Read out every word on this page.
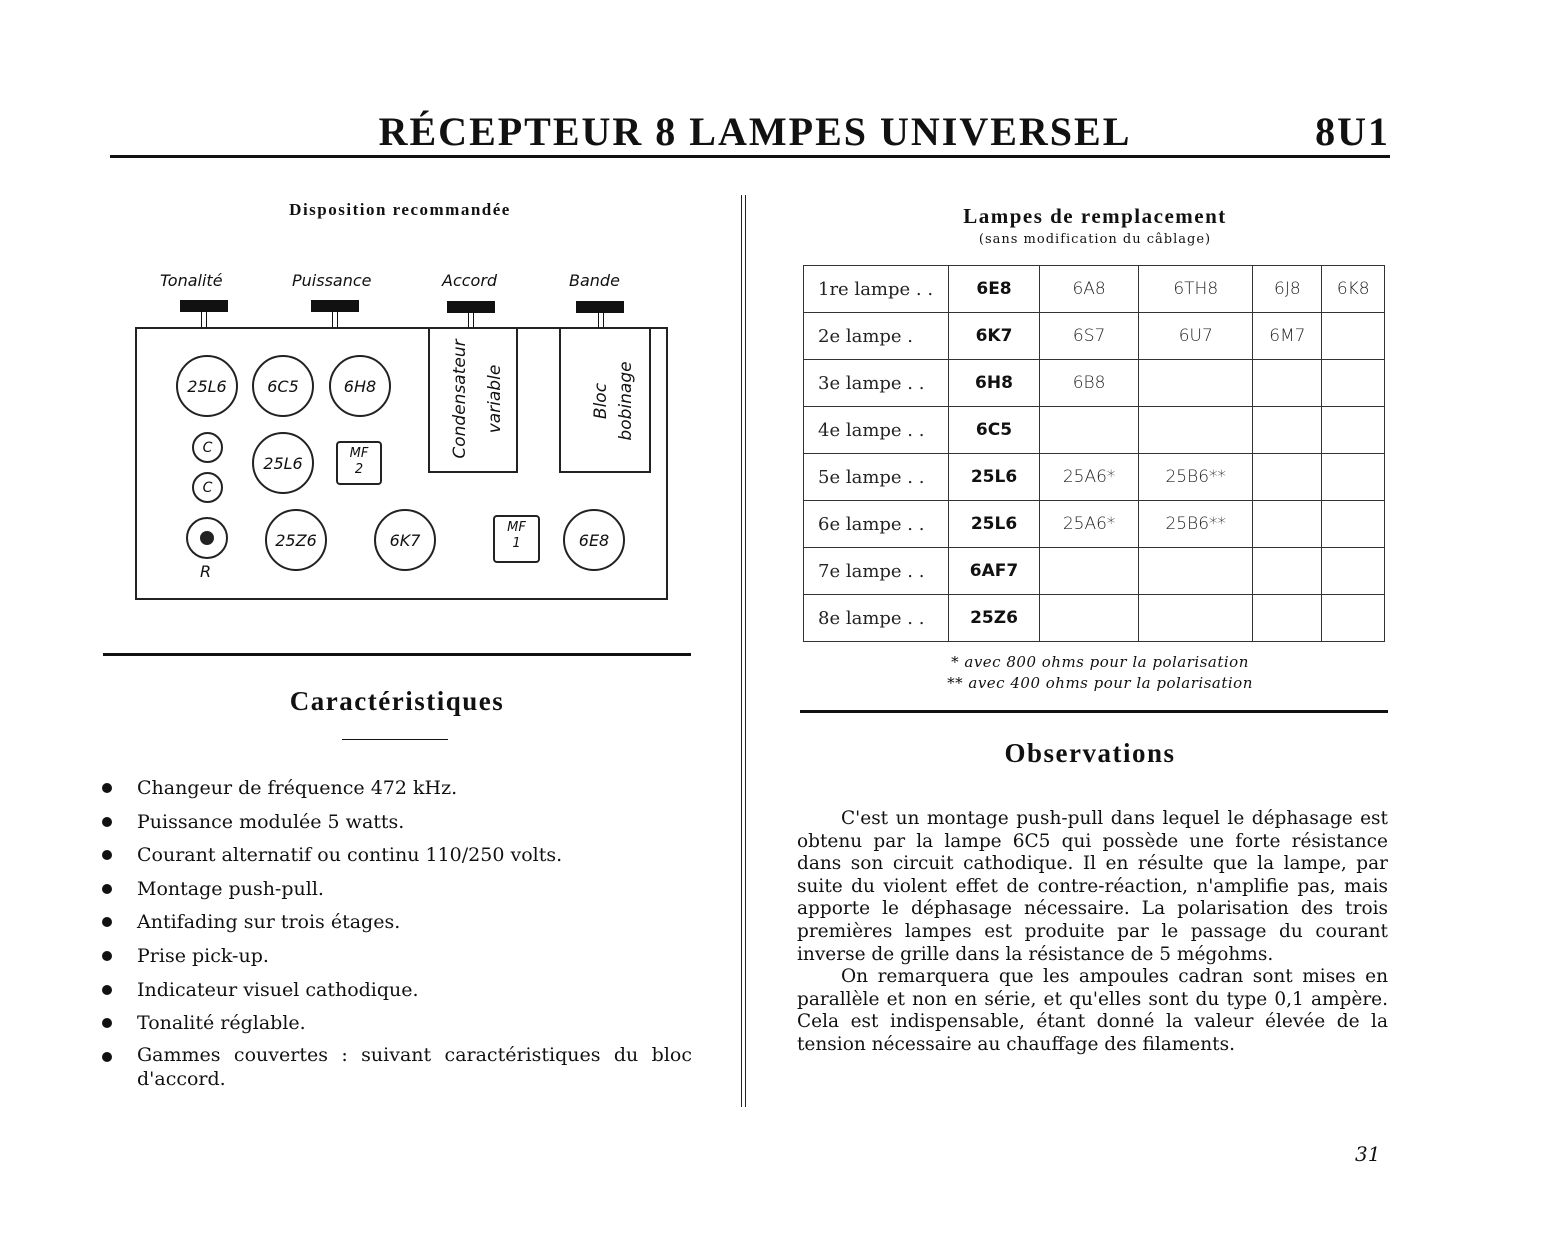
RÉCEPTEUR 8 LAMPES UNIVERSEL	8U1
Disposition recommandée
Tonalité	Puissance	Accord	Bande
25L6	6C5	6H8
C
C
25L6	MF
2
R
25Z6	6K7
MF
1	6E8
Condensateur variable	Bloc bobinage
Caractéristiques
Changeur de fréquence 472 kHz.
Puissance modulée 5 watts.
Courant alternatif ou continu 110/250 volts.
Montage push-pull.
Antifading sur trois étages.
Prise pick-up.
Indicateur visuel cathodique.
Tonalité réglable.
Gammes couvertes : suivant caractéristiques du bloc d'accord.
Lampes de remplacement
(sans modification du câblage)
1re lampe . .	6E8	6A8	6TH8	6J8	6K8
2e lampe .	6K7	6S7	6U7	6M7	
3e lampe . .	6H8	6B8			
4e lampe . .	6C5				
5e lampe . .	25L6	25A6*	25B6**		
6e lampe . .	25L6	25A6*	25B6**		
7e lampe . .	6AF7				
8e lampe . .	25Z6				
* avec 800 ohms pour la polarisation
** avec 400 ohms pour la polarisation
Observations

C'est un montage push-pull dans lequel le déphasage est obtenu par la lampe 6C5 qui possède une forte résistance dans son circuit cathodique. Il en résulte que la lampe, par suite du violent effet de contre-réaction, n'amplifie pas, mais apporte le déphasage nécessaire. La polarisation des trois premières lampes est produite par le passage du courant inverse de grille dans la résistance de 5 mégohms.

On remarquera que les ampoules cadran sont mises en parallèle et non en série, et qu'elles sont du type 0,1 ampère. Cela est indispensable, étant donné la valeur élevée de la tension nécessaire au chauffage des filaments.

31
